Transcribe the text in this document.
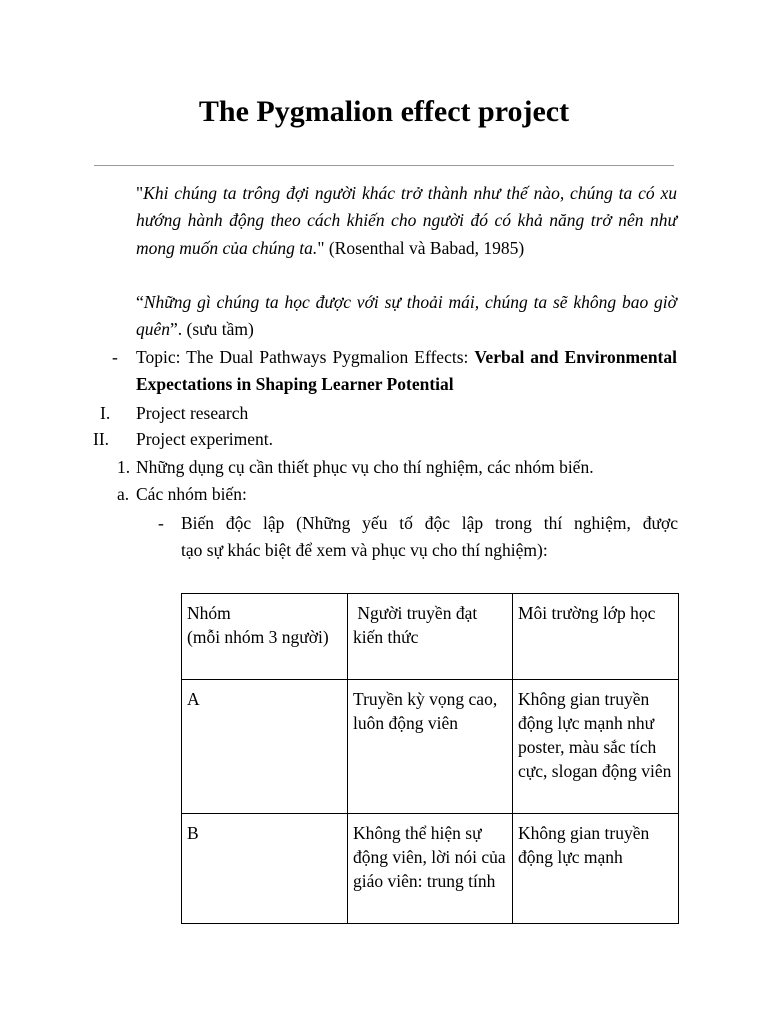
The Pygmalion effect project
"Khi chúng ta trông đợi người khác trở thành như thế nào, chúng ta có xu hướng hành động theo cách khiến cho người đó có khả năng trở nên như mong muốn của chúng ta." (Rosenthal và Babad, 1985)
“Những gì chúng ta học được với sự thoải mái, chúng ta sẽ không bao giờ quên”. (sưu tầm)
- Topic: The Dual Pathways Pygmalion Effects: Verbal and Environmental Expectations in Shaping Learner Potential
I. Project research
II. Project experiment.
1. Những dụng cụ cần thiết phục vụ cho thí nghiệm, các nhóm biến.
a. Các nhóm biến:
- Biến độc lập (Những yếu tố độc lập trong thí nghiệm, được
tạo sự khác biệt để xem và phục vụ cho thí nghiệm):
Nhóm
(mỗi nhóm 3 người)	Người truyền đạt kiến thức	Môi trường lớp học
A	Truyền kỳ vọng cao, luôn động viên	Không gian truyền động lực mạnh như poster, màu sắc tích cực, slogan động viên
B	Không thể hiện sự động viên, lời nói của giáo viên: trung tính	Không gian truyền động lực mạnh
